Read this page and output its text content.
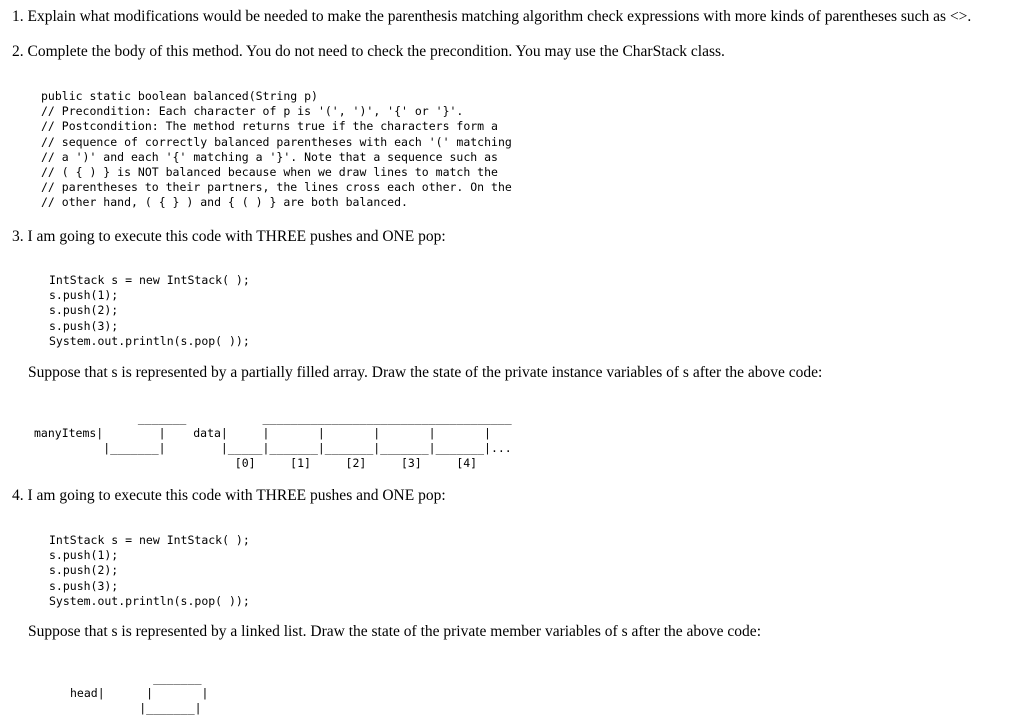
1. Explain what modifications would be needed to make the parenthesis matching algorithm check expressions with more kinds of parentheses such as <>.
2. Complete the body of this method. You do not need to check the precondition. You may use the CharStack class.
public static boolean balanced(String p)
// Precondition: Each character of p is '(', ')', '{' or '}'.
// Postcondition: The method returns true if the characters form a
// sequence of correctly balanced parentheses with each '(' matching
// a ')' and each '{' matching a '}'. Note that a sequence such as
// ( { ) } is NOT balanced because when we draw lines to match the
// parentheses to their partners, the lines cross each other. On the
// other hand, ( { } ) and { ( ) } are both balanced.
3. I am going to execute this code with THREE pushes and ONE pop:
IntStack s = new IntStack( );
s.push(1);
s.push(2);
s.push(3);
System.out.println(s.pop( ));
Suppose that s is represented by a partially filled array. Draw the state of the private instance variables of s after the above code:
_______           ____________________________________
manyItems|        |    data|     |       |       |       |       |
|_______|        |_____|_______|_______|_______|_______|...
[0]     [1]     [2]     [3]     [4]
4. I am going to execute this code with THREE pushes and ONE pop:
IntStack s = new IntStack( );
s.push(1);
s.push(2);
s.push(3);
System.out.println(s.pop( ));
Suppose that s is represented by a linked list. Draw the state of the private member variables of s after the above code:
_______
head|      |       |
|_______|
